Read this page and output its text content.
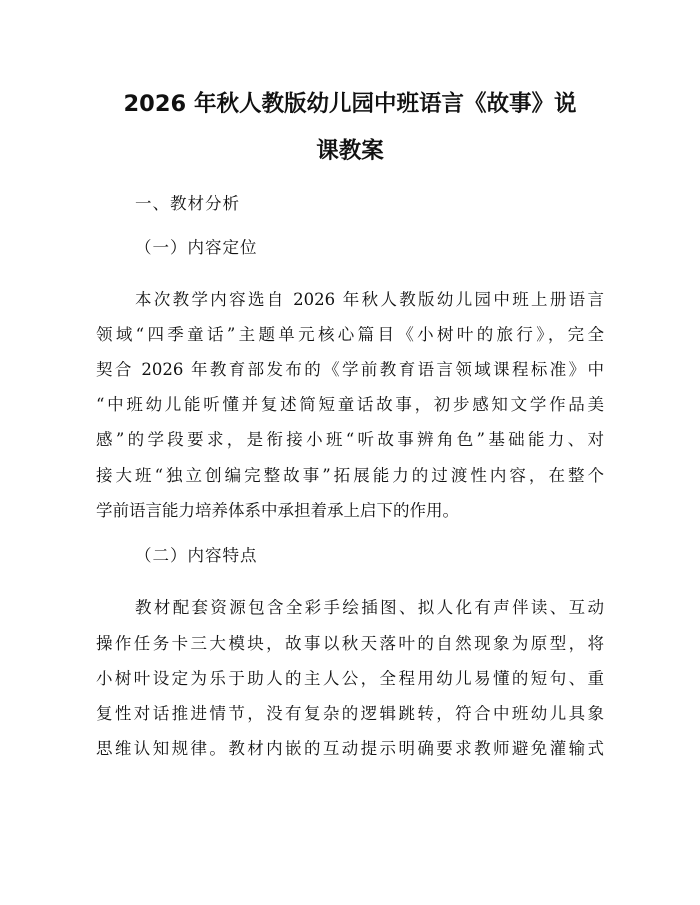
2026 年秋人教版幼儿园中班语言《故事》说
课教案
一、教材分析
（一）内容定位
本次教学内容选自 2026 年秋人教版幼儿园中班上册语言
领域“四季童话”主题单元核心篇目《小树叶的旅行》，完全
契合 2026 年教育部发布的《学前教育语言领域课程标准》中
“中班幼儿能听懂并复述简短童话故事，初步感知文学作品美
感”的学段要求，是衔接小班“听故事辨角色”基础能力、对
接大班“独立创编完整故事”拓展能力的过渡性内容，在整个
学前语言能力培养体系中承担着承上启下的作用。
（二）内容特点
教材配套资源包含全彩手绘插图、拟人化有声伴读、互动
操作任务卡三大模块，故事以秋天落叶的自然现象为原型，将
小树叶设定为乐于助人的主人公，全程用幼儿易懂的短句、重
复性对话推进情节，没有复杂的逻辑跳转，符合中班幼儿具象
思维认知规律。教材内嵌的互动提示明确要求教师避免灌输式
